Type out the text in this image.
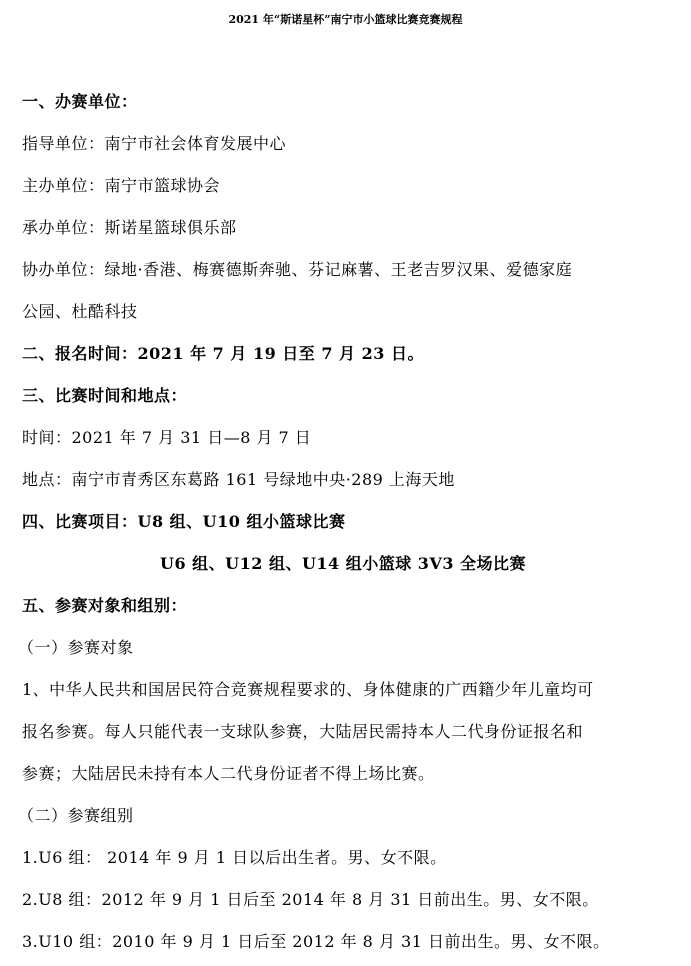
2021 年“斯诺星杯”南宁市小篮球比赛竞赛规程
一、办赛单位：
指导单位：南宁市社会体育发展中心
主办单位：南宁市篮球协会
承办单位：斯诺星篮球俱乐部
协办单位：绿地·香港、梅赛德斯奔驰、芬记麻薯、王老吉罗汉果、爱德家庭
公园、杜酷科技
二、报名时间：2021 年 7 月 19 日至 7 月 23 日。
三、比赛时间和地点：
时间：2021 年 7 月 31 日—8 月 7 日
地点：南宁市青秀区东葛路 161 号绿地中央·289 上海天地
四、比赛项目：U8 组、U10 组小篮球比赛
U6 组、U12 组、U14 组小篮球 3V3 全场比赛
五、参赛对象和组别：
（一）参赛对象
1、中华人民共和国居民符合竞赛规程要求的、身体健康的广西籍少年儿童均可
报名参赛。每人只能代表一支球队参赛，大陆居民需持本人二代身份证报名和
参赛；大陆居民未持有本人二代身份证者不得上场比赛。
（二）参赛组别
1.U6 组： 2014 年 9 月 1 日以后出生者。男、女不限。
2.U8 组：2012 年 9 月 1 日后至 2014 年 8 月 31 日前出生。男、女不限。
3.U10 组：2010 年 9 月 1 日后至 2012 年 8 月 31 日前出生。男、女不限。
